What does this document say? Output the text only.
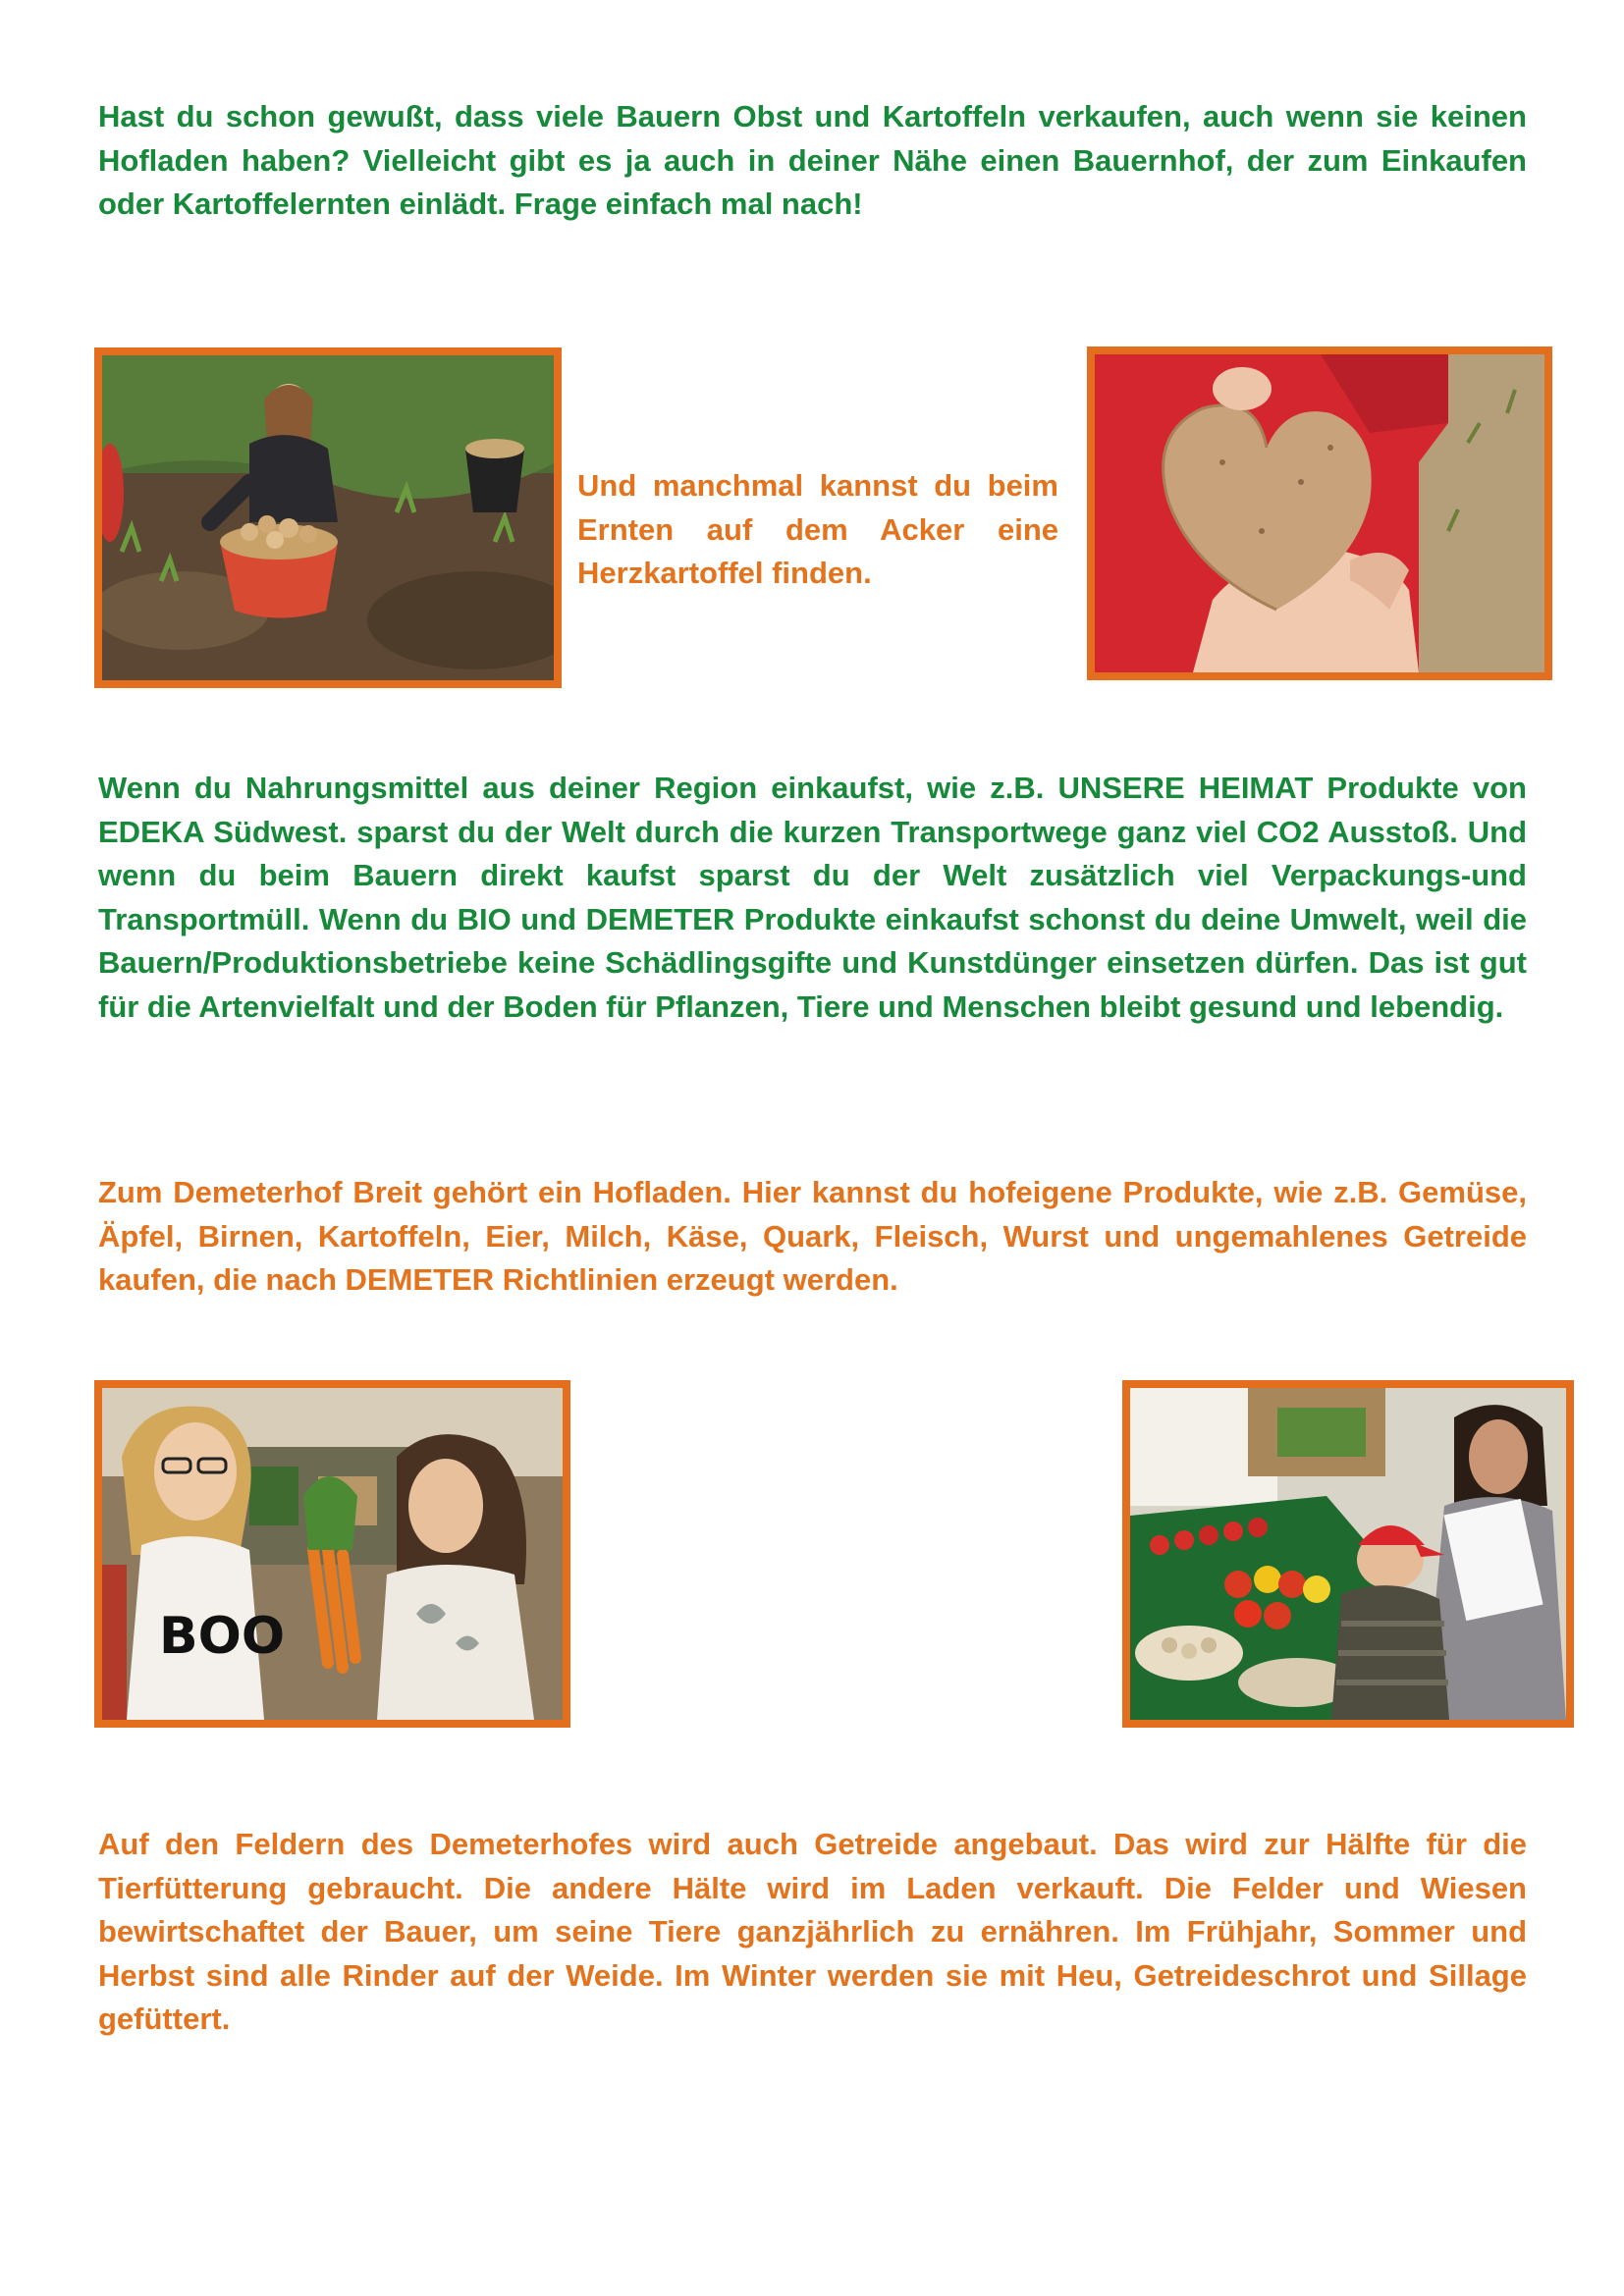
Hast du schon gewußt, dass viele Bauern Obst und Kartoffeln verkaufen, auch wenn sie keinen Hofladen haben? Vielleicht gibt es ja auch in deiner Nähe einen Bauernhof, der zum Einkaufen oder Kartoffelernten einlädt. Frage einfach mal nach!

Und manchmal kannst du beim Ernten auf dem Acker eine Herzkartoffel finden.

Wenn du Nahrungsmittel aus deiner Region einkaufst, wie z.B. UNSERE HEIMAT Produkte von EDEKA Südwest. sparst du der Welt durch die kurzen Transportwege ganz viel CO2 Ausstoß. Und wenn du beim Bauern direkt kaufst sparst du der Welt zusätzlich viel Verpackungs-und Transportmüll. Wenn du BIO und DEMETER Produkte einkaufst schonst du deine Umwelt, weil die Bauern/Produktionsbetriebe keine Schädlingsgifte und Kunstdünger einsetzen dürfen. Das ist gut für die Artenvielfalt und der Boden für Pflanzen, Tiere und Menschen bleibt gesund und lebendig.

Zum Demeterhof Breit gehört ein Hofladen. Hier kannst du hofeigene Produkte, wie z.B. Gemüse, Äpfel, Birnen, Kartoffeln, Eier, Milch, Käse, Quark, Fleisch, Wurst und ungemahlenes Getreide kaufen, die nach DEMETER Richtlinien erzeugt werden.

BOO

Auf den Feldern des Demeterhofes wird auch Getreide angebaut. Das wird zur Hälfte für die Tierfütterung gebraucht. Die andere Hälte wird im Laden verkauft. Die Felder und Wiesen bewirtschaftet der Bauer, um seine Tiere ganzjährlich zu ernähren. Im Frühjahr, Sommer und Herbst sind alle Rinder auf der Weide. Im Winter werden sie mit Heu, Getreideschrot und Sillage gefüttert.
